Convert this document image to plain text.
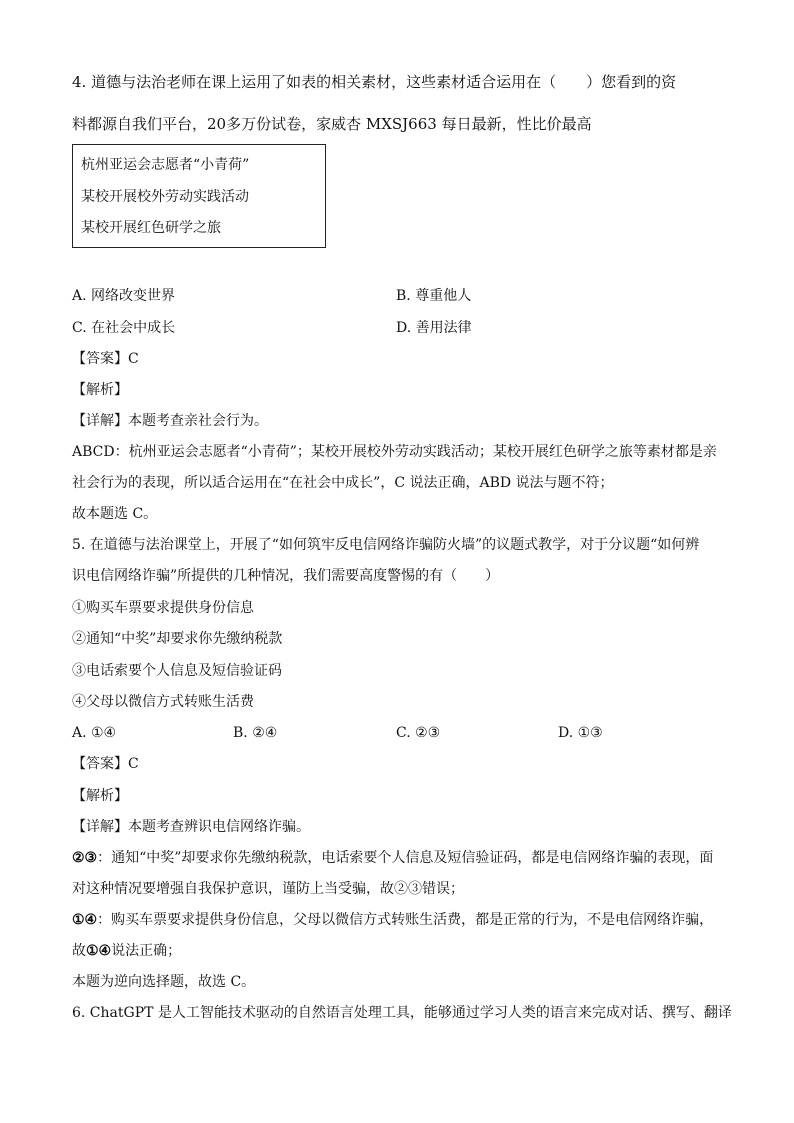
4. 道德与法治老师在课上运用了如表的相关素材，这些素材适合运用在（　　）您看到的资
料都源自我们平台，20多万份试卷，家威杏 MXSJ663 每日最新，性比价最高
杭州亚运会志愿者“小青荷”
某校开展校外劳动实践活动
某校开展红色研学之旅
A. 网络改变世界	B. 尊重他人
C. 在社会中成长	D. 善用法律
【答案】C
【解析】
【详解】本题考查亲社会行为。
ABCD：杭州亚运会志愿者“小青荷”；某校开展校外劳动实践活动；某校开展红色研学之旅等素材都是亲
社会行为的表现，所以适合运用在“在社会中成长”，C 说法正确，ABD 说法与题不符；
故本题选 C。
5. 在道德与法治课堂上，开展了“如何筑牢反电信网络诈骗防火墙”的议题式教学，对于分议题“如何辨
识电信网络诈骗”所提供的几种情况，我们需要高度警惕的有（　　）
①购买车票要求提供身份信息
②通知“中奖”却要求你先缴纳税款
③电话索要个人信息及短信验证码
④父母以微信方式转账生活费
A. ①④	B. ②④	C. ②③	D. ①③
【答案】C
【解析】
【详解】本题考查辨识电信网络诈骗。
②③：通知“中奖”却要求你先缴纳税款，电话索要个人信息及短信验证码，都是电信网络诈骗的表现，面
对这种情况要增强自我保护意识，谨防上当受骗，故②③错误；
①④：购买车票要求提供身份信息，父母以微信方式转账生活费，都是正常的行为，不是电信网络诈骗，
故①④说法正确；
本题为逆向选择题，故选 C。
6. ChatGPT 是人工智能技术驱动的自然语言处理工具，能够通过学习人类的语言来完成对话、撰写、翻译
